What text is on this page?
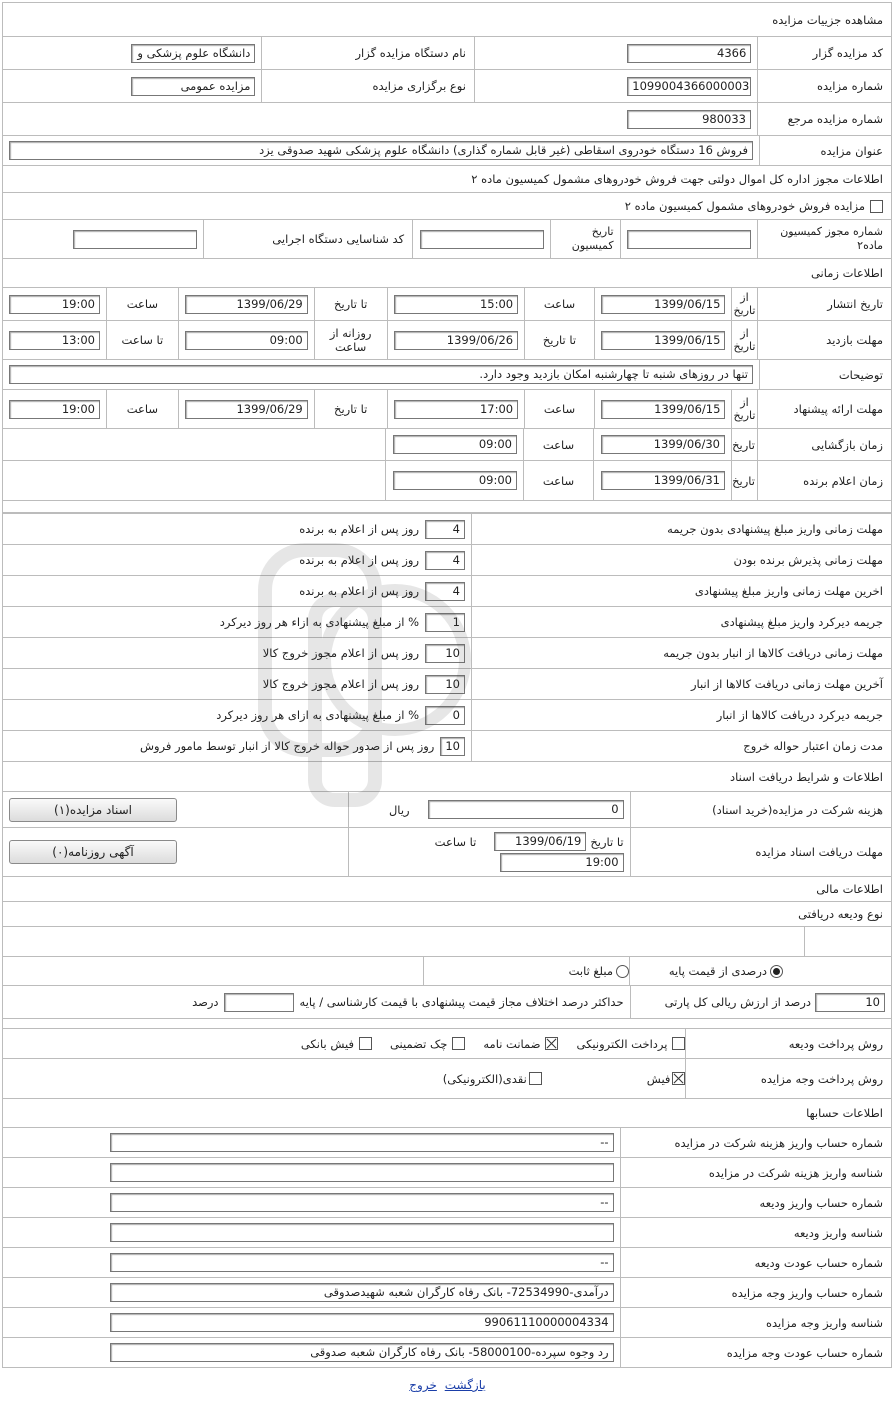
مشاهده جزییات مزایده
کد مزایده گزار
4366
نام دستگاه مزایده گزار
دانشگاه علوم پزشکی و
شماره مزایده
1099004366000003
نوع برگزاری مزایده
مزایده عمومی
شماره مزایده مرجع
980033
عنوان مزایده
فروش 16 دستگاه خودروی اسقاطی (غیر قابل شماره گذاری) دانشگاه علوم پزشکی شهید صدوقی یزد
اطلاعات مجوز اداره کل اموال دولتی جهت فروش خودروهای مشمول کمیسیون ماده ۲
مزایده فروش خودروهای مشمول کمیسیون ماده ۲
شماره مجوز کمیسیون ماده۲
تاریخ کمیسیون
کد شناسایی دستگاه اجرایی
اطلاعات زمانی
تاریخ انتشار
از تاریخ
1399/06/15
ساعت
15:00
تا تاریخ
1399/06/29
ساعت
19:00
مهلت بازدید
از تاریخ
1399/06/15
تا تاریخ
1399/06/26
روزانه از ساعت
09:00
تا ساعت
13:00
توضیحات
تنها در روزهای شنبه تا چهارشنبه امکان بازدید وجود دارد.
مهلت ارائه پیشنهاد
از تاریخ
1399/06/15
ساعت
17:00
تا تاریخ
1399/06/29
ساعت
19:00
زمان بازگشایی
تاریخ
1399/06/30
ساعت
09:00
زمان اعلام برنده
تاریخ
1399/06/31
ساعت
09:00
مهلت زمانی واریز مبلغ پیشنهادی بدون جریمه
4
روز پس از اعلام به برنده
مهلت زمانی پذیرش برنده بودن
4
روز پس از اعلام به برنده
اخرین مهلت زمانی واریز مبلغ پیشنهادی
4
روز پس از اعلام به برنده
جریمه دیرکرد واریز مبلغ پیشنهادی
1
% از مبلغ پیشنهادی به ازاء هر روز دیرکرد
مهلت زمانی دریافت کالاها از انبار بدون جریمه
10
روز پس از اعلام مجوز خروج کالا
آخرین مهلت زمانی دریافت کالاها از انبار
10
روز پس از اعلام مجوز خروج کالا
جریمه دیرکرد دریافت کالاها از انبار
0
% از مبلغ پیشنهادی به ازای هر روز دیرکرد
مدت زمان اعتبار حواله خروج
10
روز پس از صدور حواله خروج کالا از انبار توسط مامور فروش
اطلاعات و شرایط دریافت اسناد
هزینه شرکت در مزایده(خرید اسناد)
0
ریال
اسناد مزایده(۱)
مهلت دریافت اسناد مزایده
تا تاریخ
1399/06/19
تا ساعت
19:00
آگهی روزنامه(۰)
اطلاعات مالی
نوع ودیعه دریافتی
درصدی از قیمت پایه
مبلغ ثابت
10
درصد از ارزش ریالی کل پارتی
حداکثر درصد اختلاف مجاز قیمت پیشنهادی با قیمت کارشناسی / پایه
درصد
روش پرداخت ودیعه
پرداخت الکترونیکی
ضمانت نامه
چک تضمینی
فیش بانکی
روش پرداخت وجه مزایده
فیش
نقدی(الکترونیکی)
اطلاعات حسابها
شماره حساب واریز هزینه شرکت در مزایده
--
شناسه واریز هزینه شرکت در مزایده
شماره حساب واریز ودیعه
--
شناسه واریز ودیعه
شماره حساب عودت ودیعه
--
شماره حساب واریز وجه مزایده
درآمدی-72534990- بانک رفاه کارگران شعبه شهیدصدوقی
شناسه واریز وجه مزایده
99061110000004334
شماره حساب عودت وجه مزایده
رد وجوه سپرده-58000100- بانک رفاه کارگران شعبه صدوقی
بازگشت خروج
